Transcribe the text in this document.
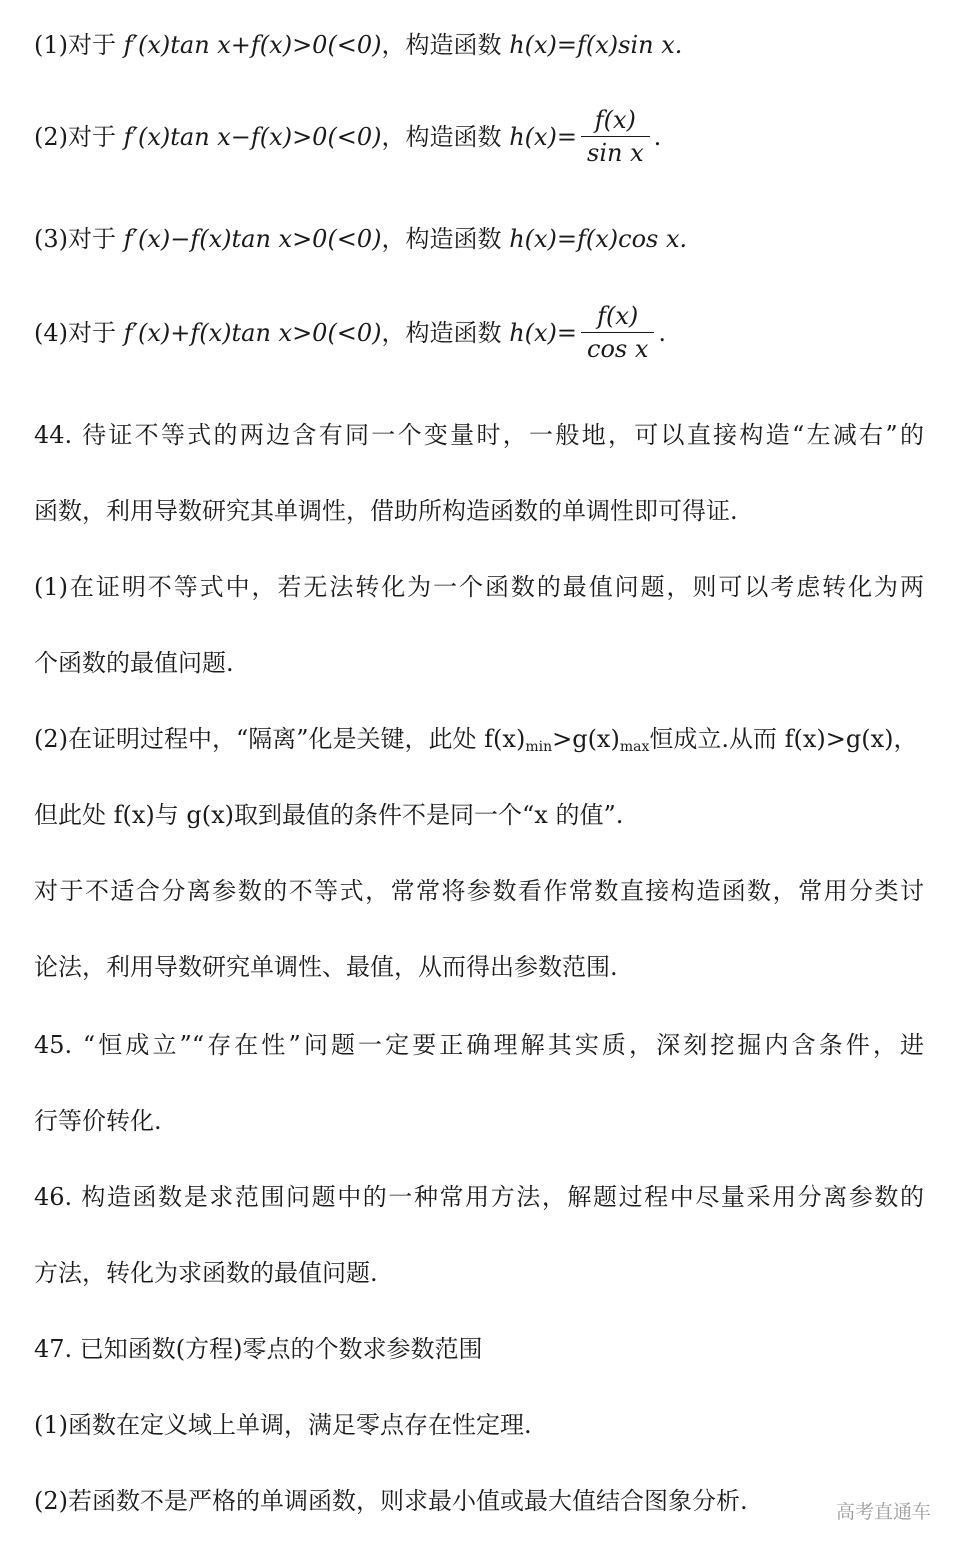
(1)对于 f′(x)tan x+f(x)>0(<0)，构造函数 h(x)=f(x)sin x.
(2)对于 f′(x)tan x−f(x)>0(<0)，构造函数 $h(x)= \frac{f(x)}{\text{sin x}}$ .
(3)对于 f′(x)−f(x)tan x>0(<0)，构造函数 h(x)=f(x)cos x.
(4)对于 f′(x)+f(x)tan x>0(<0)，构造函数 $h(x)= \frac{f(x)}{\text{cos x}}$ .
44. 待证不等式的两边含有同一个变量时，一般地，可以直接构造“左减右”的
函数，利用导数研究其单调性，借助所构造函数的单调性即可得证.
(1)在证明不等式中，若无法转化为一个函数的最值问题，则可以考虑转化为两
个函数的最值问题.
(2)在证明过程中，“隔离”化是关键，此处 $f(x)_{min}>g(x)_{max}$恒成立.从而 f(x)>g(x)，
但此处 f(x)与 g(x)取到最值的条件不是同一个“x 的值”.
对于不适合分离参数的不等式，常常将参数看作常数直接构造函数，常用分类讨
论法，利用导数研究单调性、最值，从而得出参数范围.
45. “恒成立”“存在性”问题一定要正确理解其实质，深刻挖掘内含条件，进
行等价转化.
46. 构造函数是求范围问题中的一种常用方法，解题过程中尽量采用分离参数的
方法，转化为求函数的最值问题.
47. 已知函数(方程)零点的个数求参数范围
(1)函数在定义域上单调，满足零点存在性定理.
(2)若函数不是严格的单调函数，则求最小值或最大值结合图象分析.	高考直通车
